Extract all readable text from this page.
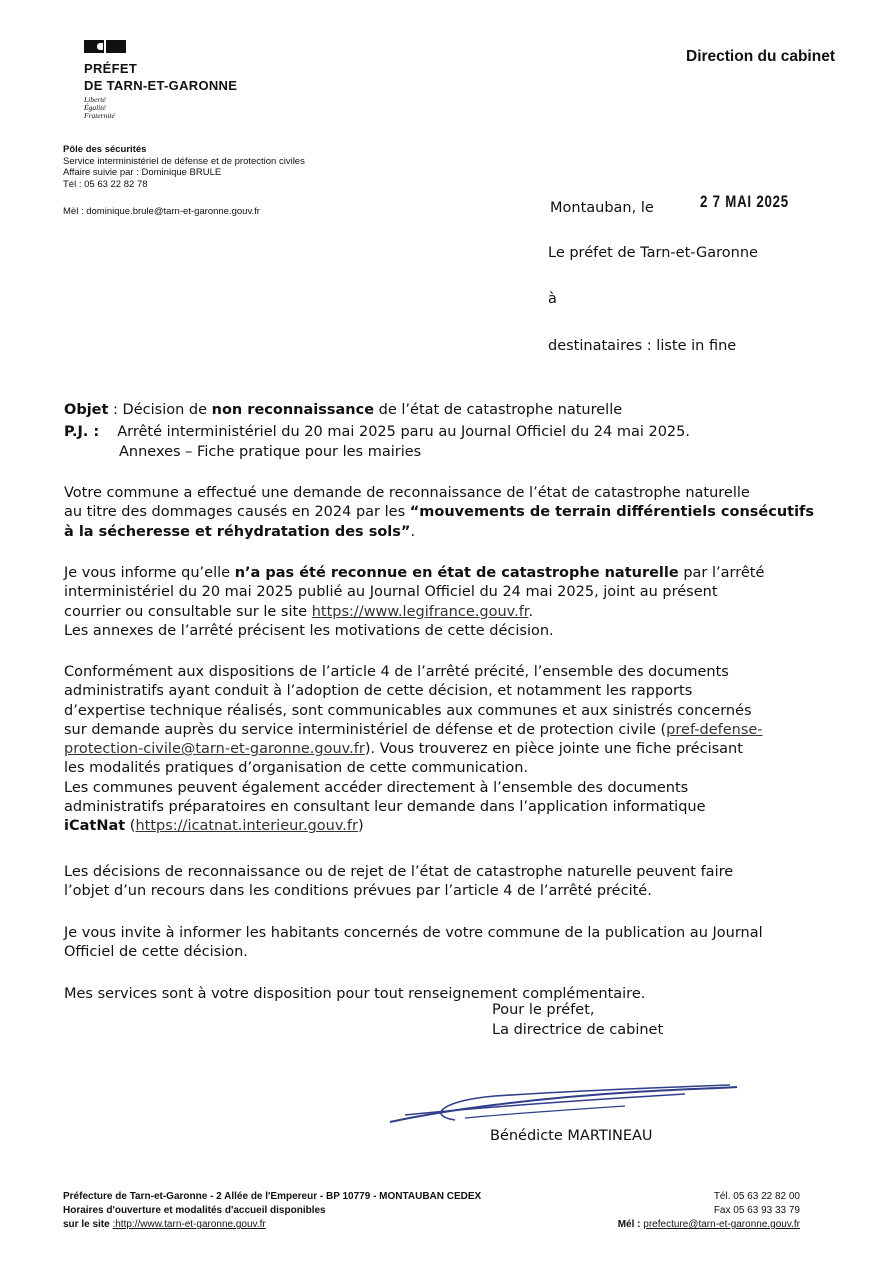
PRÉFET
DE TARN-ET-GARONNE
Liberté
Égalité
Fraternité
Direction du cabinet
Pôle des sécurités
Service interministériel de défense et de protection civiles
Affaire suivie par : Dominique BRULE
Tél : 05 63 22 82 78
Mèl : dominique.brule@tarn-et-garonne.gouv.fr	Montauban, le	2 7 MAI 2025
Le préfet de Tarn-et-Garonne
à
destinataires : liste in fine
Objet : Décision de non reconnaissance de l’état de catastrophe naturelle
P.J. : Arrêté interministériel du 20 mai 2025 paru au Journal Officiel du 24 mai 2025.
Annexes – Fiche pratique pour les mairies
Votre commune a effectué une demande de reconnaissance de l’état de catastrophe naturelle
au titre des dommages causés en 2024 par les “mouvements de terrain différentiels consécutifs
à la sécheresse et réhydratation des sols”.
Je vous informe qu’elle n’a pas été reconnue en état de catastrophe naturelle par l’arrêté
interministériel du 20 mai 2025 publié au Journal Officiel du 24 mai 2025, joint au présent
courrier ou consultable sur le site https://www.legifrance.gouv.fr.
Les annexes de l’arrêté précisent les motivations de cette décision.
Conformément aux dispositions de l’article 4 de l’arrêté précité, l’ensemble des documents
administratifs ayant conduit à l’adoption de cette décision, et notamment les rapports
d’expertise technique réalisés, sont communicables aux communes et aux sinistrés concernés
sur demande auprès du service interministériel de défense et de protection civile (pref-defense-
protection-civile@tarn-et-garonne.gouv.fr). Vous trouverez en pièce jointe une fiche précisant
les modalités pratiques d’organisation de cette communication.
Les communes peuvent également accéder directement à l’ensemble des documents
administratifs préparatoires en consultant leur demande dans l’application informatique
iCatNat (https://icatnat.interieur.gouv.fr)
Les décisions de reconnaissance ou de rejet de l’état de catastrophe naturelle peuvent faire
l’objet d’un recours dans les conditions prévues par l’article 4 de l’arrêté précité.
Je vous invite à informer les habitants concernés de votre commune de la publication au Journal
Officiel de cette décision.
Mes services sont à votre disposition pour tout renseignement complémentaire.
Pour le préfet,
La directrice de cabinet
Bénédicte MARTINEAU
Préfecture de Tarn-et-Garonne - 2 Allée de l'Empereur - BP 10779 - MONTAUBAN CEDEX
Horaires d'ouverture et modalités d'accueil disponibles
sur le site :http://www.tarn-et-garonne.gouv.fr
Tél. 05 63 22 82 00
Fax 05 63 93 33 79
Mél : prefecture@tarn-et-garonne.gouv.fr
